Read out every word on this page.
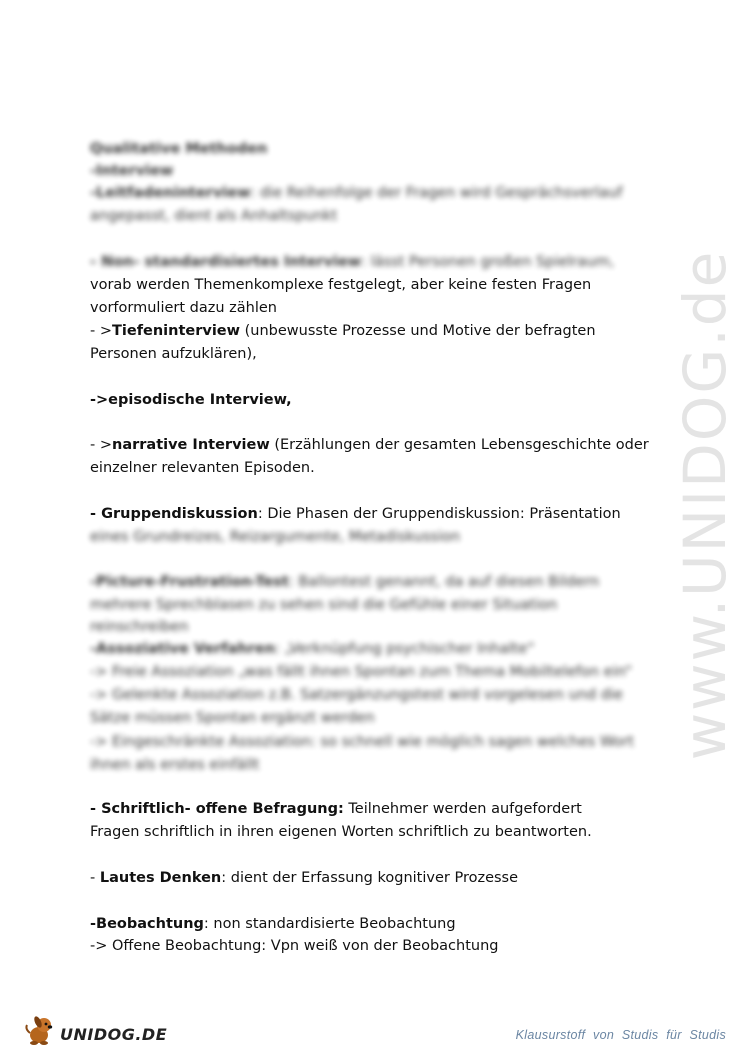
www.UNIDOG.de
Qualitative Methoden
-Interview
-Leitfadeninterview: die Reihenfolge der Fragen wird Gesprächsverlauf
angepasst, dient als Anhaltspunkt
- Non- standardisiertes Interview: lässt Personen großen Spielraum,
vorab werden Themenkomplexe festgelegt, aber keine festen Fragen
vorformuliert dazu zählen
- >Tiefeninterview (unbewusste Prozesse und Motive der befragten
Personen aufzuklären),
->episodische Interview,
- >narrative Interview (Erzählungen der gesamten Lebensgeschichte oder
einzelner relevanten Episoden.
- Gruppendiskussion: Die Phasen der Gruppendiskussion: Präsentation
eines Grundreizes, Reizargumente, Metadiskussion
-Picture-Frustration-Test: Ballontest genannt, da auf diesen Bildern
mehrere Sprechblasen zu sehen sind die Gefühle einer Situation
reinschreiben
-Assoziative Verfahren: „Verknüpfung psychischer Inhalte“
-> Freie Assoziation „was fällt ihnen Spontan zum Thema Mobiltelefon ein“
-> Gelenkte Assoziation z.B. Satzergänzungstest wird vorgelesen und die
Sätze müssen Spontan ergänzt werden
-> Eingeschränkte Assoziation: so schnell wie möglich sagen welches Wort
ihnen als erstes einfällt
- Schriftlich- offene Befragung: Teilnehmer werden aufgefordert
Fragen schriftlich in ihren eigenen Worten schriftlich zu beantworten.
- Lautes Denken: dient der Erfassung kognitiver Prozesse
-Beobachtung: non standardisierte Beobachtung
-> Offene Beobachtung: Vpn weiß von der Beobachtung
UNIDOG.DE	Klausurstoff von Studis für Studis
